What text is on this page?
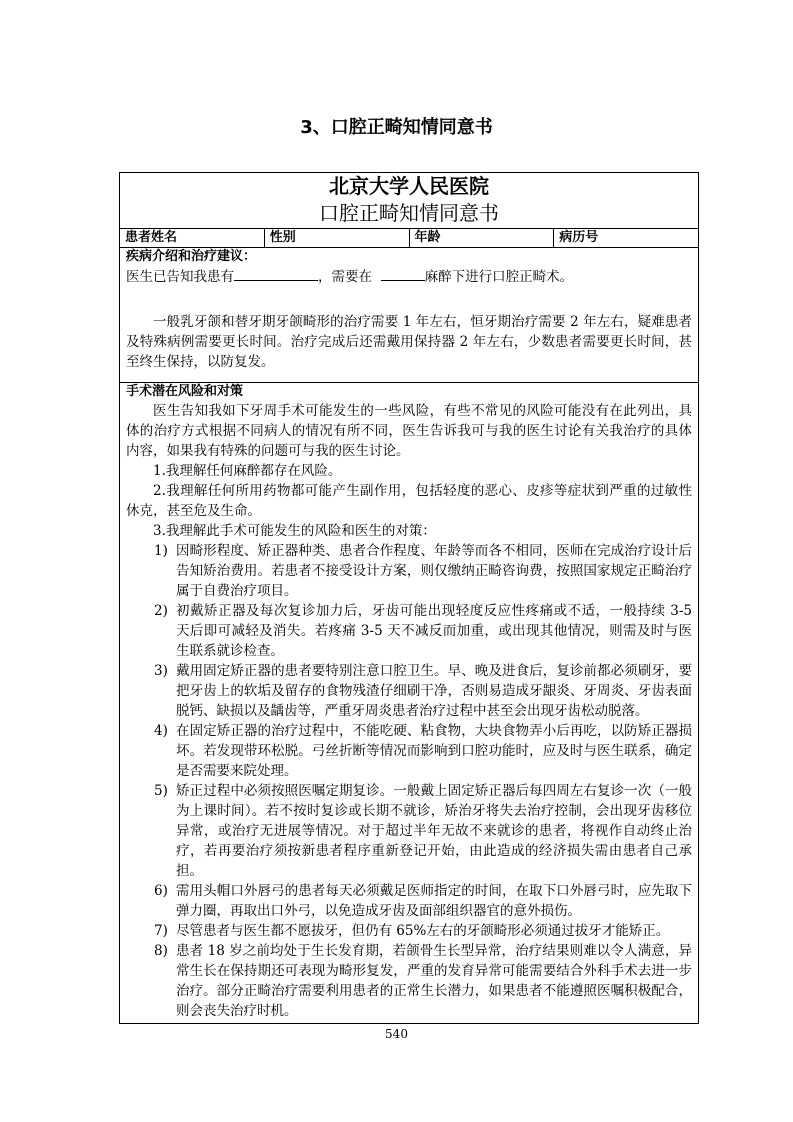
3、口腔正畸知情同意书
北京大学人民医院
口腔正畸知情同意书
患者姓名	性别	年龄	病历号
疾病介绍和治疗建议：

医生已告知我患有	，需要在	麻醉下进行口腔正畸术。

一般乳牙颌和替牙期牙颌畸形的治疗需要 1 年左右，恒牙期治疗需要 2 年左右，疑难患者及特殊病例需要更长时间。治疗完成后还需戴用保持器 2 年左右，少数患者需要更长时间，甚至终生保持，以防复发。

手术潜在风险和对策

医生告知我如下牙周手术可能发生的一些风险，有些不常见的风险可能没有在此列出，具体的治疗方式根据不同病人的情况有所不同，医生告诉我可与我的医生讨论有关我治疗的具体内容，如果我有特殊的问题可与我的医生讨论。

1.我理解任何麻醉都存在风险。

2.我理解任何所用药物都可能产生副作用，包括轻度的恶心、皮疹等症状到严重的过敏性休克，甚至危及生命。

3.我理解此手术可能发生的风险和医生的对策：

1) 因畸形程度、矫正器种类、患者合作程度、年龄等而各不相同，医师在完成治疗设计后告知矫治费用。若患者不接受设计方案，则仅缴纳正畸咨询费，按照国家规定正畸治疗属于自费治疗项目。
2) 初戴矫正器及每次复诊加力后，牙齿可能出现轻度反应性疼痛或不适，一般持续 3-5 天后即可减轻及消失。若疼痛 3-5 天不减反而加重，或出现其他情况，则需及时与医生联系就诊检查。
3) 戴用固定矫正器的患者要特别注意口腔卫生。早、晚及进食后，复诊前都必须刷牙，要把牙齿上的软垢及留存的食物残渣仔细刷干净，否则易造成牙龈炎、牙周炎、牙齿表面脱钙、缺损以及龋齿等，严重牙周炎患者治疗过程中甚至会出现牙齿松动脱落。
4) 在固定矫正器的治疗过程中，不能吃硬、粘食物，大块食物弄小后再吃，以防矫正器损坏。若发现带环松脱。弓丝折断等情况而影响到口腔功能时，应及时与医生联系，确定是否需要来院处理。
5) 矫正过程中必须按照医嘱定期复诊。一般戴上固定矫正器后每四周左右复诊一次（一般为上课时间）。若不按时复诊或长期不就诊，矫治牙将失去治疗控制，会出现牙齿移位异常，或治疗无进展等情况。对于超过半年无故不来就诊的患者，将视作自动终止治疗，若再要治疗须按新患者程序重新登记开始，由此造成的经济损失需由患者自己承担。
6) 需用头帽口外唇弓的患者每天必须戴足医师指定的时间，在取下口外唇弓时，应先取下弹力圈，再取出口外弓，以免造成牙齿及面部组织器官的意外损伤。
7) 尽管患者与医生都不愿拔牙，但仍有 65%左右的牙颌畸形必须通过拔牙才能矫正。
8) 患者 18 岁之前均处于生长发育期，若颌骨生长型异常，治疗结果则难以令人满意，异常生长在保持期还可表现为畸形复发，严重的发育异常可能需要结合外科手术去进一步治疗。部分正畸治疗需要利用患者的正常生长潜力，如果患者不能遵照医嘱积极配合，则会丧失治疗时机。
540
